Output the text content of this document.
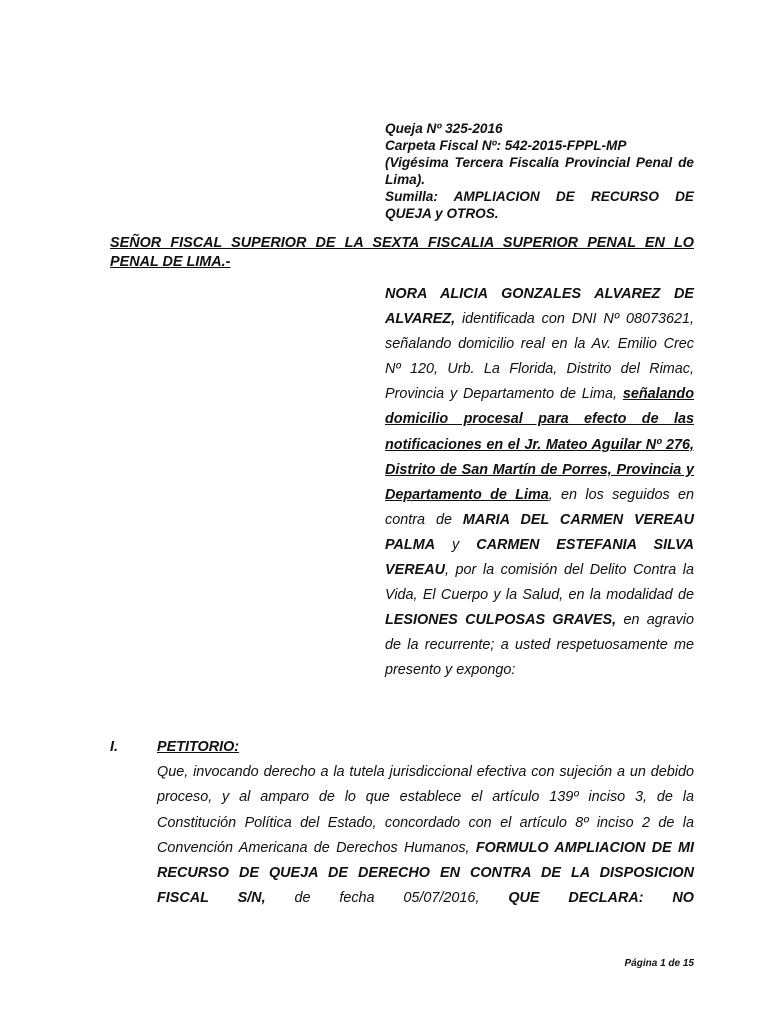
Queja Nº 325-2016

Carpeta Fiscal Nº: 542-2015-FPPL-MP

(Vigésima Tercera Fiscalía Provincial Penal de Lima).

Sumilla: AMPLIACION DE RECURSO DE QUEJA y OTROS.

SEÑOR FISCAL SUPERIOR DE LA SEXTA FISCALIA SUPERIOR PENAL EN LO PENAL DE LIMA.-
NORA ALICIA GONZALES ALVAREZ DE ALVAREZ, identificada con DNI Nº 08073621, señalando domicilio real en la Av. Emilio Crec Nº 120, Urb. La Florida, Distrito del Rimac, Provincia y Departamento de Lima, señalando domicilio procesal para efecto de las notificaciones en el Jr. Mateo Aguilar Nº 276, Distrito de San Martín de Porres, Provincia y Departamento de Lima, en los seguidos en contra de MARIA DEL CARMEN VEREAU PALMA y CARMEN ESTEFANIA SILVA VEREAU, por la comisión del Delito Contra la Vida, El Cuerpo y la Salud, en la modalidad de LESIONES CULPOSAS GRAVES, en agravio de la recurrente; a usted respetuosamente me presento y expongo:
I.	PETITORIO:
Que, invocando derecho a la tutela jurisdiccional efectiva con sujeción a un debido proceso, y al amparo de lo que establece el artículo 139º inciso 3, de la Constitución Política del Estado, concordado con el artículo 8º inciso 2 de la Convención Americana de Derechos Humanos, FORMULO AMPLIACION DE MI RECURSO DE QUEJA DE DERECHO EN CONTRA DE LA DISPOSICION FISCAL S/N, de fecha 05/07/2016, QUE DECLARA: NO
Página 1 de 15
